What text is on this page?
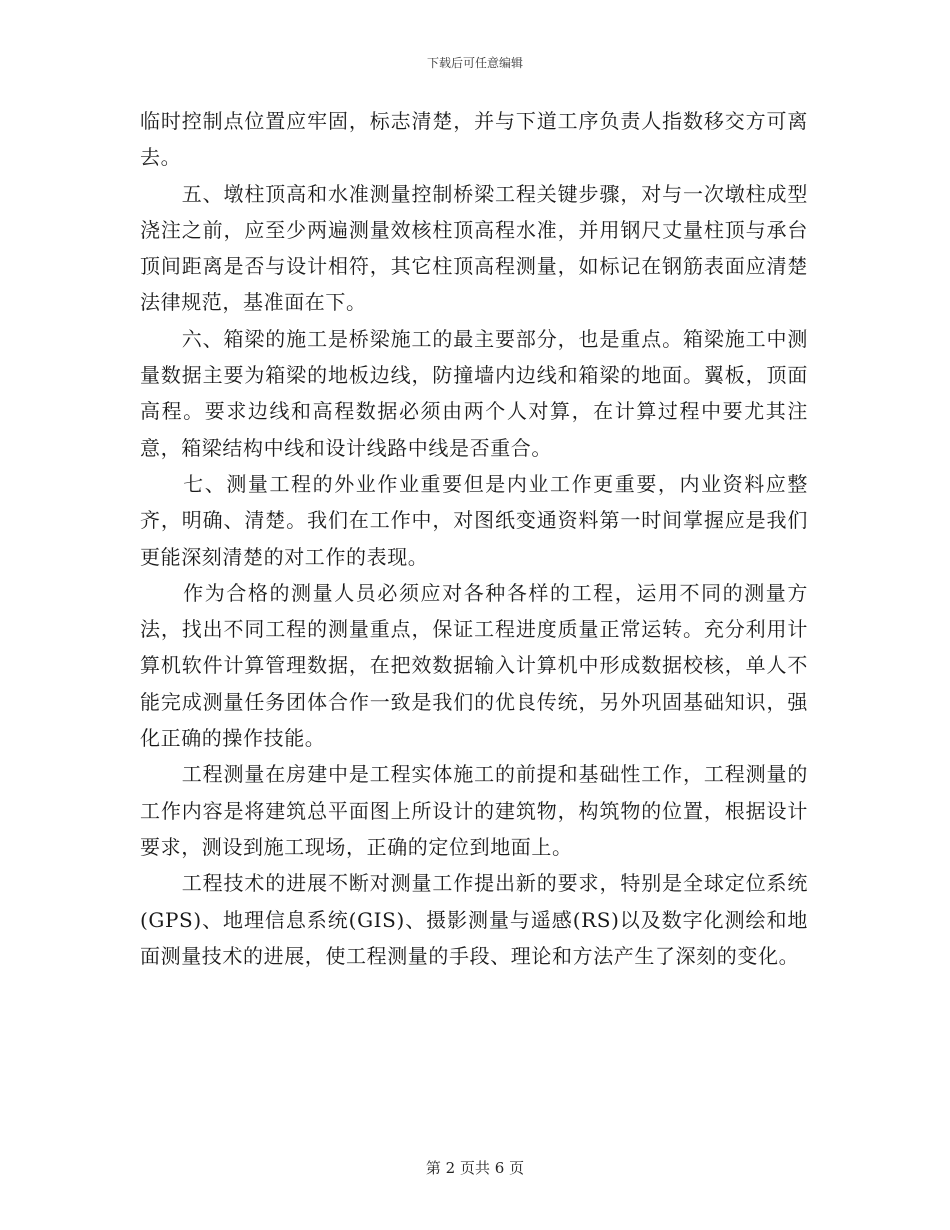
下载后可任意编辑

临时控制点位置应牢固，标志清楚，并与下道工序负责人指数移交方可离去。

　　五、墩柱顶高和水准测量控制桥梁工程关键步骤，对与一次墩柱成型浇注之前，应至少两遍测量效核柱顶高程水准，并用钢尺丈量柱顶与承台顶间距离是否与设计相符，其它柱顶高程测量，如标记在钢筋表面应清楚法律规范，基准面在下。

　　六、箱梁的施工是桥梁施工的最主要部分，也是重点。箱梁施工中测量数据主要为箱梁的地板边线，防撞墙内边线和箱梁的地面。翼板，顶面高程。要求边线和高程数据必须由两个人对算，在计算过程中要尤其注意，箱梁结构中线和设计线路中线是否重合。

　　七、测量工程的外业作业重要但是内业工作更重要，内业资料应整齐，明确、清楚。我们在工作中，对图纸变通资料第一时间掌握应是我们更能深刻清楚的对工作的表现。

　　作为合格的测量人员必须应对各种各样的工程，运用不同的测量方法，找出不同工程的测量重点，保证工程进度质量正常运转。充分利用计算机软件计算管理数据，在把效数据输入计算机中形成数据校核，单人不能完成测量任务团体合作一致是我们的优良传统，另外巩固基础知识，强化正确的操作技能。

　　工程测量在房建中是工程实体施工的前提和基础性工作，工程测量的工作内容是将建筑总平面图上所设计的建筑物，构筑物的位置，根据设计要求，测设到施工现场，正确的定位到地面上。

　　工程技术的进展不断对测量工作提出新的要求，特别是全球定位系统(GPS)、地理信息系统(GIS)、摄影测量与遥感(RS)以及数字化测绘和地面测量技术的进展，使工程测量的手段、理论和方法产生了深刻的变化。

第 2 页共 6 页
